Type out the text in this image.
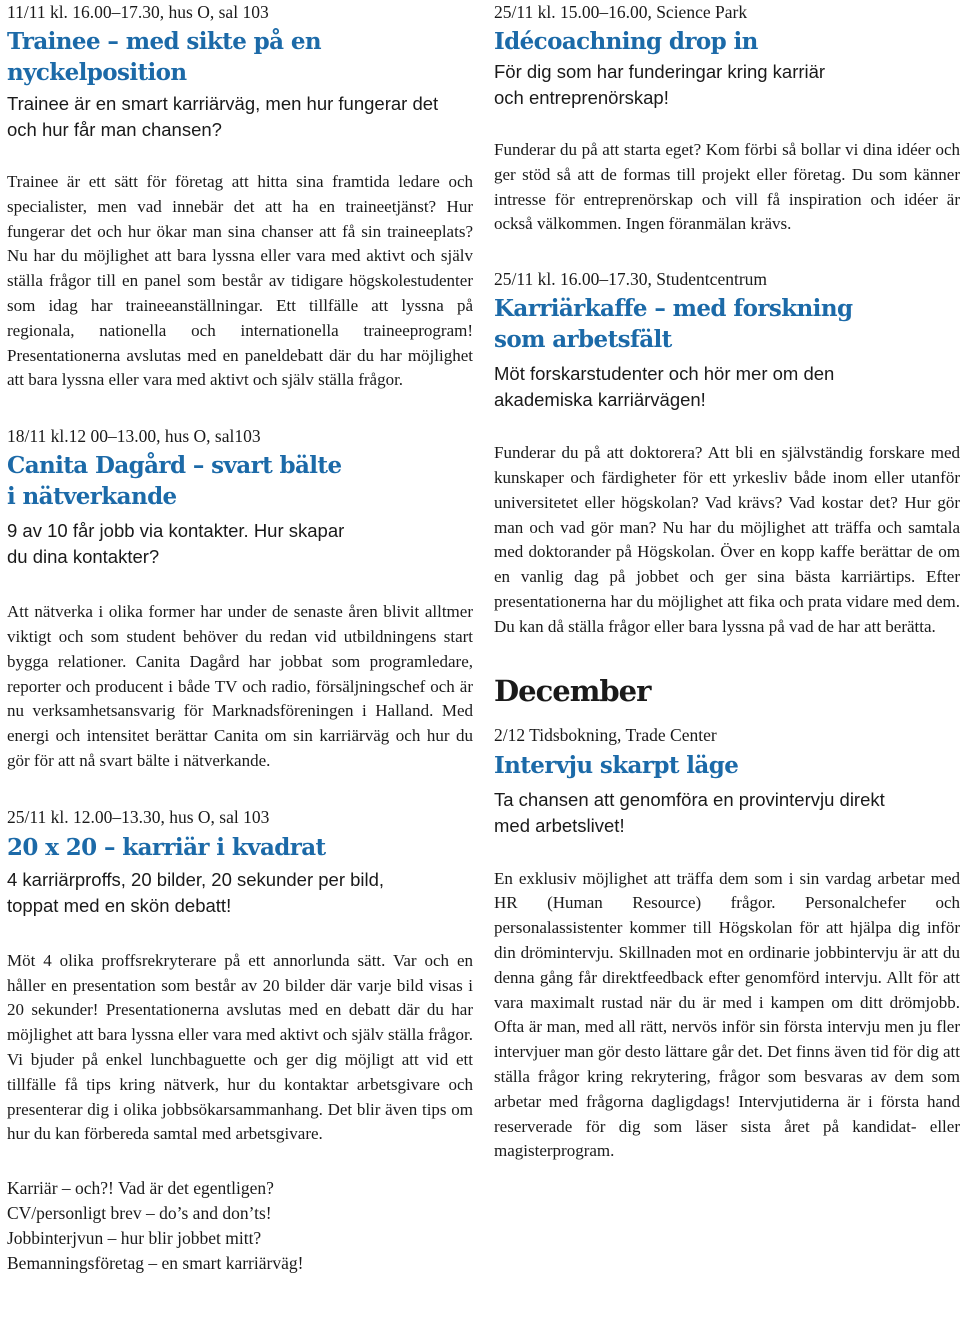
11/11 kl. 16.00–17.30, hus O, sal 103

Trainee – med sikte på en
nyckelposition

Trainee är en smart karriärväg, men hur fungerar det och hur får man chansen?

Trainee är ett sätt för företag att hitta sina framtida ledare och specialister, men vad innebär det att ha en traineetjänst? Hur fungerar det och hur ökar man sina chanser att få sin traineeplats? Nu har du möjlighet att bara lyssna eller vara med aktivt och själv ställa frågor till en panel som består av tidigare högskolestudenter som idag har traineeanställningar. Ett tillfälle att lyssna på regionala, nationella och internationella traineeprogram! Presentationerna avslutas med en paneldebatt där du har möjlighet att bara lyssna eller vara med aktivt och själv ställa frågor.

18/11 kl.12 00–13.00, hus O, sal103

Canita Dagård – svart bälte
i nätverkande

9 av 10 får jobb via kontakter. Hur skapar
du dina kontakter?

Att nätverka i olika former har under de senaste åren blivit alltmer viktigt och som student behöver du redan vid utbildningens start bygga relationer. Canita Dagård har jobbat som programledare, reporter och producent i både TV och radio, försäljningschef och är nu verksamhetsansvarig för Marknadsföreningen i Halland. Med energi och intensitet berättar Canita om sin karriärväg och hur du gör för att nå svart bälte i nätverkande.

25/11 kl. 12.00–13.30, hus O, sal 103

20 x 20 – karriär i kvadrat

4 karriärproffs, 20 bilder, 20 sekunder per bild,
toppat med en skön debatt!

Möt 4 olika proffsrekryterare på ett annorlunda sätt. Var och en håller en presentation som består av 20 bilder där varje bild visas i 20 sekunder! Presentationerna avslutas med en debatt där du har möjlighet att bara lyssna eller vara med aktivt och själv ställa frågor. Vi bjuder på enkel lunchbaguette och ger dig möjligt att vid ett tillfälle få tips kring nätverk, hur du kontaktar arbetsgivare och presenterar dig i olika jobbsökarsammanhang. Det blir även tips om hur du kan förbereda samtal med arbetsgivare.

Karriär – och?! Vad är det egentligen?
CV/personligt brev – do’s and don’ts!
Jobbinterjvun – hur blir jobbet mitt?
Bemanningsföretag – en smart karriärväg!

25/11 kl. 15.00–16.00, Science Park

Idécoachning drop in

För dig som har funderingar kring karriär
och entreprenörskap!

Funderar du på att starta eget? Kom förbi så bollar vi dina idéer och ger stöd så att de formas till projekt eller företag. Du som känner intresse för entreprenörskap och vill få inspiration och idéer är också välkommen. Ingen föranmälan krävs.

25/11 kl. 16.00–17.30, Studentcentrum

Karriärkaffe – med forskning
som arbetsfält

Möt forskarstudenter och hör mer om den
akademiska karriärvägen!

Funderar du på att doktorera? Att bli en självständig forskare med kunskaper och färdigheter för ett yrkesliv både inom eller utanför universitetet eller högskolan? Vad krävs? Vad kostar det? Hur gör man och vad gör man? Nu har du möjlighet att träffa och samtala med doktorander på Högskolan. Över en kopp kaffe berättar de om en vanlig dag på jobbet och ger sina bästa karriärtips. Efter presentationerna har du möjlighet att fika och prata vidare med dem. Du kan då ställa frågor eller bara lyssna på vad de har att berätta.

December

2/12 Tidsbokning, Trade Center

Intervju skarpt läge

Ta chansen att genomföra en provintervju direkt
med arbetslivet!

En exklusiv möjlighet att träffa dem som i sin vardag arbetar med HR (Human Resource) frågor. Personalchefer och personalassistenter kommer till Högskolan för att hjälpa dig inför din drömintervju. Skillnaden mot en ordinarie jobbintervju är att du denna gång får direktfeedback efter genomförd intervju. Allt för att vara maximalt rustad när du är med i kampen om ditt drömjobb. Ofta är man, med all rätt, nervös inför sin första intervju men ju fler intervjuer man gör desto lättare går det. Det finns även tid för dig att ställa frågor kring rekrytering, frågor som besvaras av dem som arbetar med frågorna dagligdags! Intervjutiderna är i första hand reserverade för dig som läser sista året på kandidat- eller magisterprogram.
